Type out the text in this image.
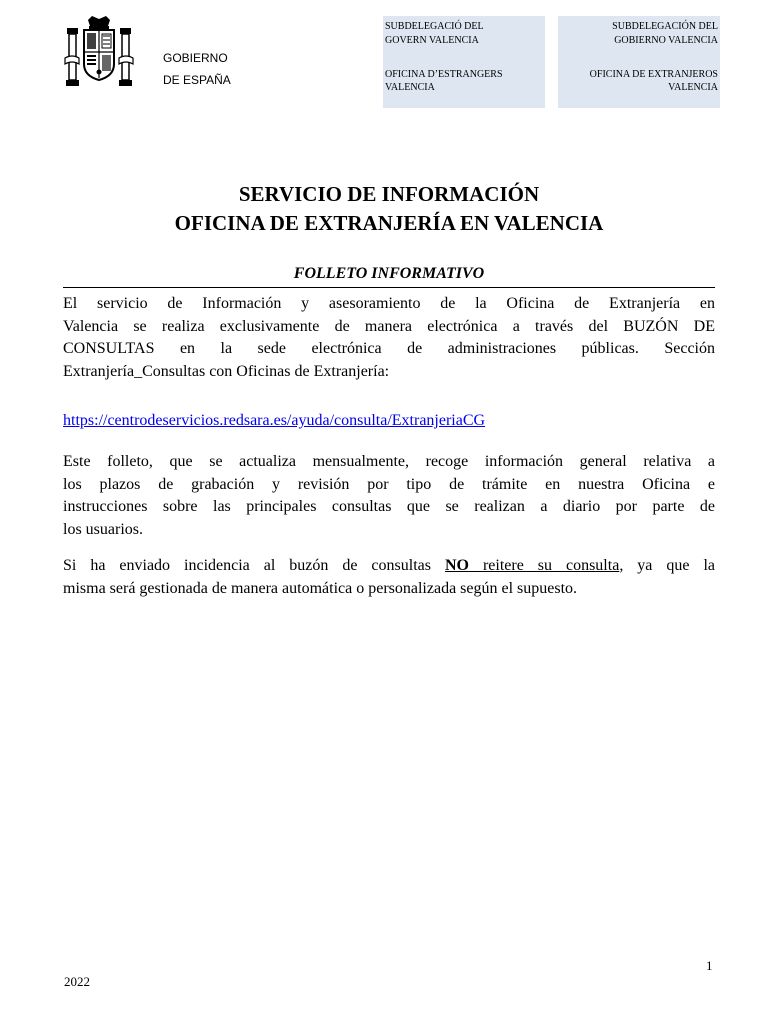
GOBIERNO
DE ESPAÑA
SUBDELEGACIÓ DEL
GOVERN VALENCIA
OFICINA D’ESTRANGERS
VALENCIA
SUBDELEGACIÓN DEL
GOBIERNO VALENCIA
OFICINA DE EXTRANJEROS
VALENCIA
SERVICIO DE INFORMACIÓN
OFICINA DE EXTRANJERÍA EN VALENCIA
FOLLETO INFORMATIVO
El servicio de Información y asesoramiento de la Oficina de Extranjería en
Valencia se realiza exclusivamente de manera electrónica a través del BUZÓN DE
CONSULTAS en la sede electrónica de administraciones públicas. Sección
Extranjería_Consultas con Oficinas de Extranjería:
https://centrodeservicios.redsara.es/ayuda/consulta/ExtranjeriaCG
Este folleto, que se actualiza mensualmente, recoge información general relativa a
los plazos de grabación y revisión por tipo de trámite en nuestra Oficina e
instrucciones sobre las principales consultas que se realizan a diario por parte de
los usuarios.
Si ha enviado incidencia al buzón de consultas NO reitere su consulta, ya que la
misma será gestionada de manera automática o personalizada según el supuesto.
1
2022
